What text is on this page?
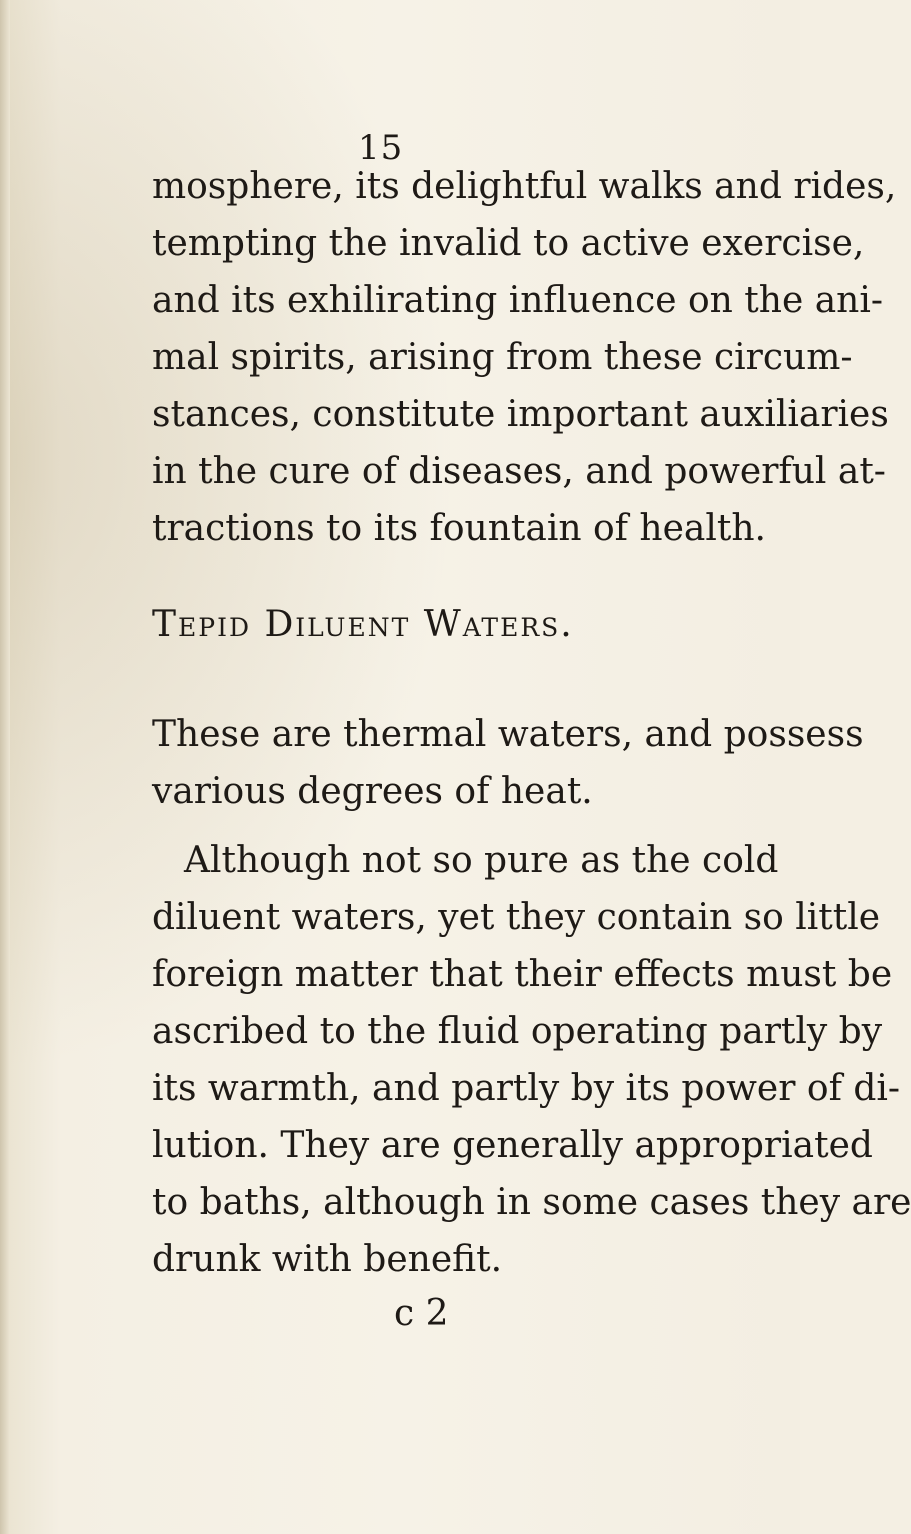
15
mosphere, its delightful walks and rides,
tempting the invalid to active exercise,
and its exhilirating influence on the ani-
mal spirits, arising from these circum-
stances, constitute important auxiliaries
in the cure of diseases, and powerful at-
tractions to its fountain of health.
Tepid Diluent Waters.
These are thermal waters, and possess
various degrees of heat.
Although not so pure as the cold
diluent waters, yet they contain so little
foreign matter that their effects must be
ascribed to the fluid operating partly by
its warmth, and partly by its power of di-
lution. They are generally appropriated
to baths, although in some cases they are
drunk with benefit.
c 2
